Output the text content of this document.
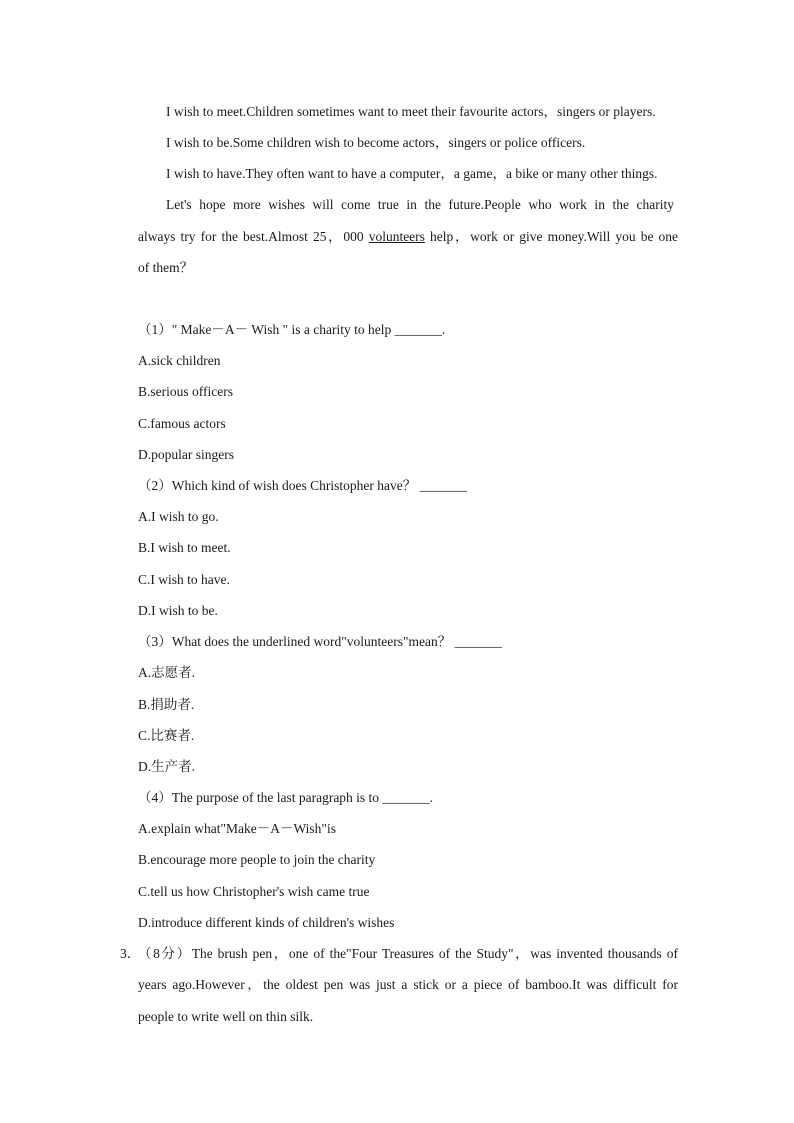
I wish to meet.Children sometimes want to meet their favourite actors，singers or players.
I wish to be.Some children wish to become actors，singers or police officers.
I wish to have.They often want to have a computer，a game，a bike or many other things.
Let's hope more wishes will come true in the future.People who work in the charity
always try for the best.Almost 25，000 volunteers help，work or give money.Will you be one
of them？
（1）" Make－A－ Wish " is a charity to help _______.
A.sick children
B.serious officers
C.famous actors
D.popular singers
（2）Which kind of wish does Christopher have？ _______
A.I wish to go.
B.I wish to meet.
C.I wish to have.
D.I wish to be.
（3）What does the underlined word"volunteers"mean？ _______
A.志愿者.
B.捐助者.
C.比赛者.
D.生产者.
（4）The purpose of the last paragraph is to _______.
A.explain what"Make－A－Wish"is
B.encourage more people to join the charity
C.tell us how Christopher's wish came true
D.introduce different kinds of children's wishes
3．
（8分）The brush pen，one of the"Four Treasures of the Study"，was invented thousands of
years ago.However，the oldest pen was just a stick or a piece of bamboo.It was difficult for
people to write well on thin silk.
